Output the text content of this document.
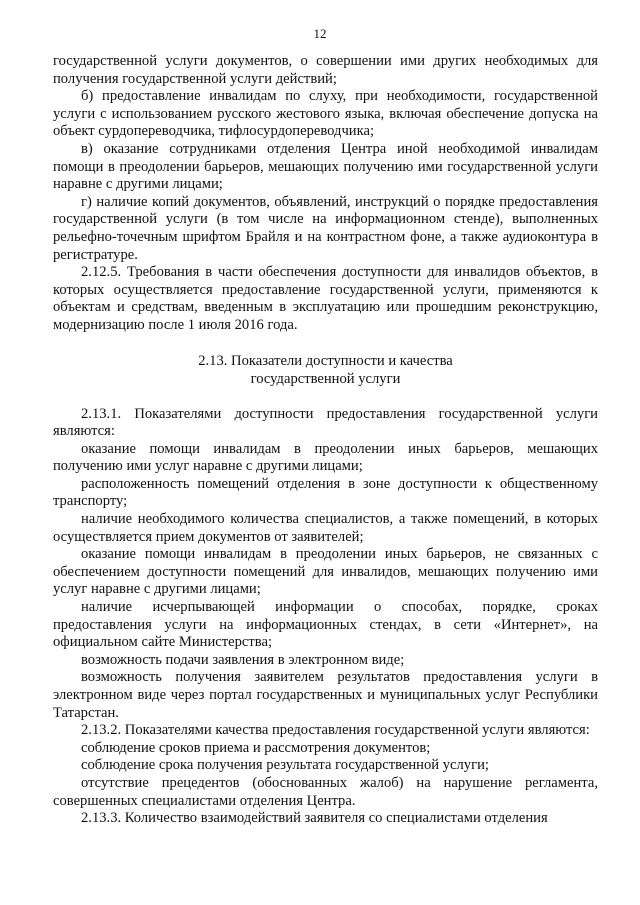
12

государственной услуги документов, о совершении ими других необходимых для получения государственной услуги действий;

б) предоставление инвалидам по слуху, при необходимости, государственной услуги с использованием русского жестового языка, включая обеспечение допуска на объект сурдопереводчика, тифлосурдопереводчика;

в) оказание сотрудниками отделения Центра иной необходимой инвалидам помощи в преодолении барьеров, мешающих получению ими государственной услуги наравне с другими лицами;

г) наличие копий документов, объявлений, инструкций о порядке предоставления государственной услуги (в том числе на информационном стенде), выполненных рельефно-точечным шрифтом Брайля и на контрастном фоне, а также аудиоконтура в регистратуре.

2.12.5. Требования в части обеспечения доступности для инвалидов объектов, в которых осуществляется предоставление государственной услуги, применяются к объектам и средствам, введенным в эксплуатацию или прошедшим реконструкцию, модернизацию после 1 июля 2016 года.

2.13. Показатели доступности и качества
государственной услуги

2.13.1. Показателями доступности предоставления государственной услуги являются:

оказание помощи инвалидам в преодолении иных барьеров, мешающих получению ими услуг наравне с другими лицами;

расположенность помещений отделения в зоне доступности к общественному транспорту;

наличие необходимого количества специалистов, а также помещений, в которых осуществляется прием документов от заявителей;

оказание помощи инвалидам в преодолении иных барьеров, не связанных с обеспечением доступности помещений для инвалидов, мешающих получению ими услуг наравне с другими лицами;

наличие исчерпывающей информации о способах, порядке, сроках предоставления услуги на информационных стендах, в сети «Интернет», на официальном сайте Министерства;

возможность подачи заявления в электронном виде;

возможность получения заявителем результатов предоставления услуги в электронном виде через портал государственных и муниципальных услуг Республики Татарстан.

2.13.2. Показателями качества предоставления государственной услуги являются:

соблюдение сроков приема и рассмотрения документов;

соблюдение срока получения результата государственной услуги;

отсутствие прецедентов (обоснованных жалоб) на нарушение регламента, совершенных специалистами отделения Центра.

2.13.3. Количество взаимодействий заявителя со специалистами отделения
